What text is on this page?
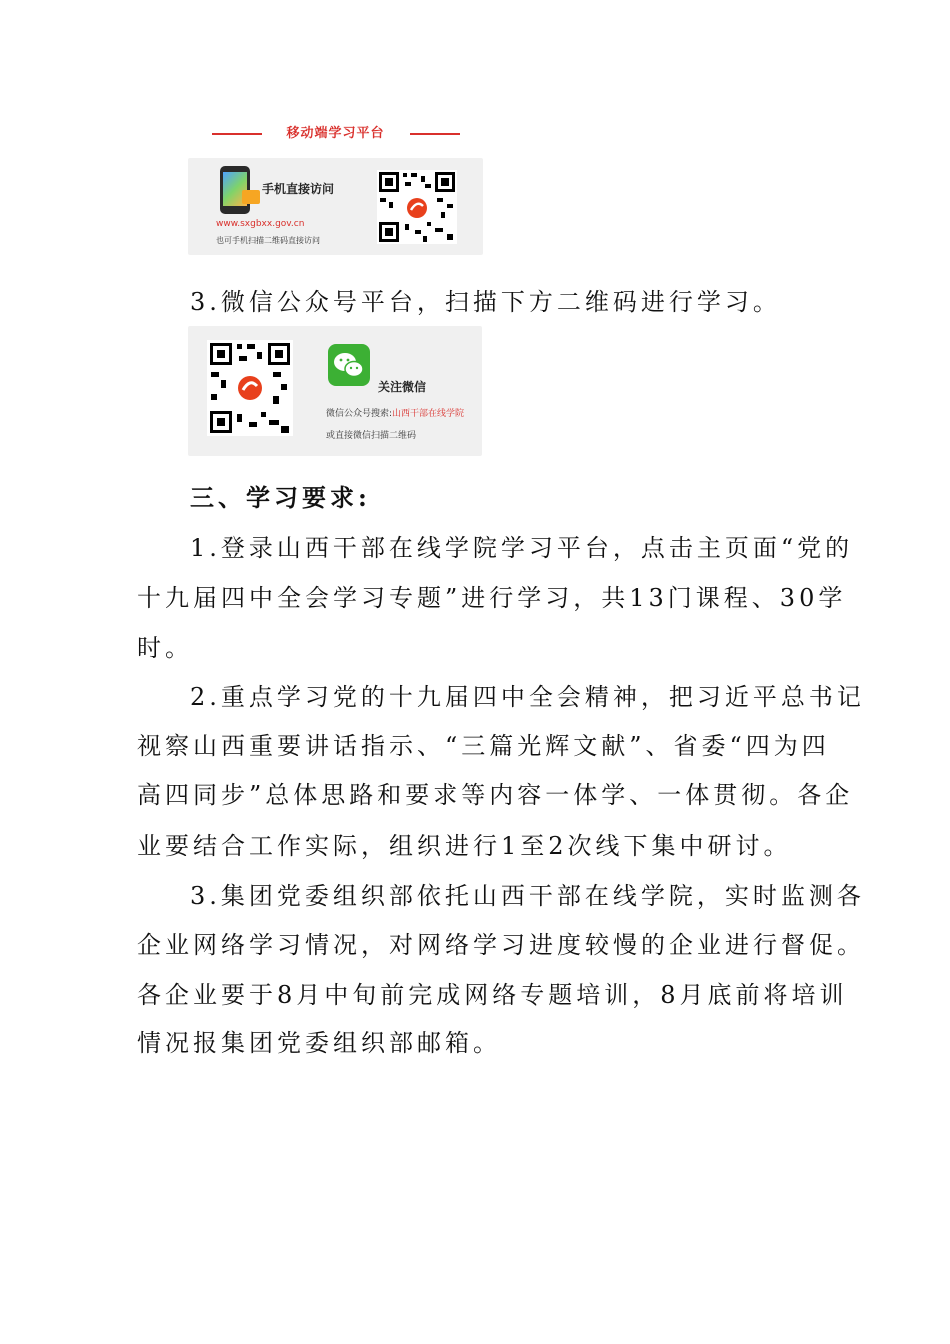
移动端学习平台
手机直接访问
www.sxgbxx.gov.cn
也可手机扫描二维码直接访问
3.微信公众号平台，扫描下方二维码进行学习。
关注微信
微信公众号搜索:山西干部在线学院
或直接微信扫描二维码
三、学习要求:
1.登录山西干部在线学院学习平台，点击主页面“党的
十九届四中全会学习专题”进行学习，共13门课程、30学
时。
2.重点学习党的十九届四中全会精神，把习近平总书记
视察山西重要讲话指示、“三篇光辉文献”、省委“四为四
高四同步”总体思路和要求等内容一体学、一体贯彻。各企
业要结合工作实际，组织进行1至2次线下集中研讨。
3.集团党委组织部依托山西干部在线学院，实时监测各
企业网络学习情况，对网络学习进度较慢的企业进行督促。
各企业要于8月中旬前完成网络专题培训，8月底前将培训
情况报集团党委组织部邮箱。
